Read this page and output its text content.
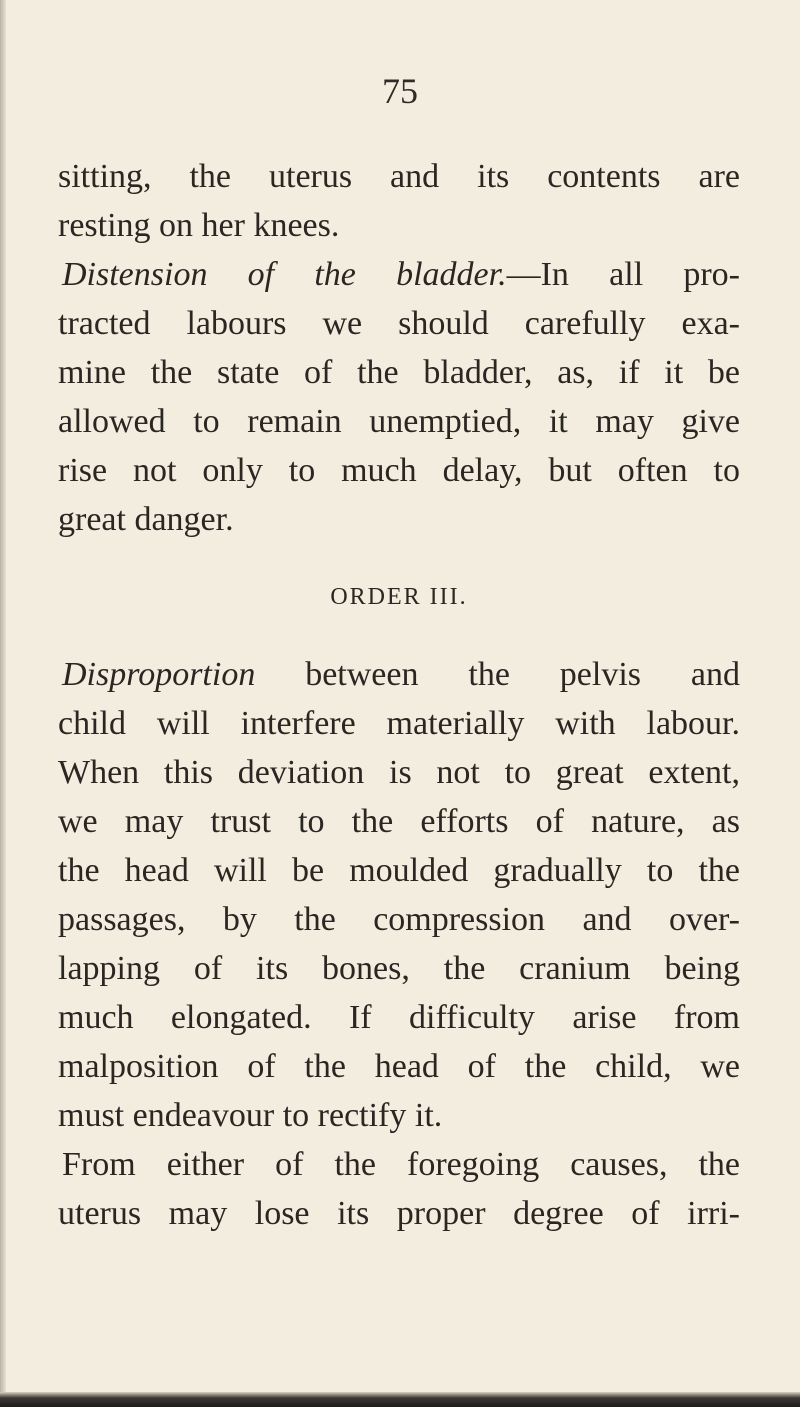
75
sitting, the uterus and its contents are
resting on her knees.
Distension of the bladder.—In all pro-
tracted labours we should carefully exa-
mine the state of the bladder, as, if it be
allowed to remain unemptied, it may give
rise not only to much delay, but often to
great danger.
ORDER III.
Disproportion between the pelvis and
child will interfere materially with labour.
When this deviation is not to great extent,
we may trust to the efforts of nature, as
the head will be moulded gradually to the
passages, by the compression and over-
lapping of its bones, the cranium being
much elongated. If difficulty arise from
malposition of the head of the child, we
must endeavour to rectify it.
From either of the foregoing causes, the
uterus may lose its proper degree of irri-
